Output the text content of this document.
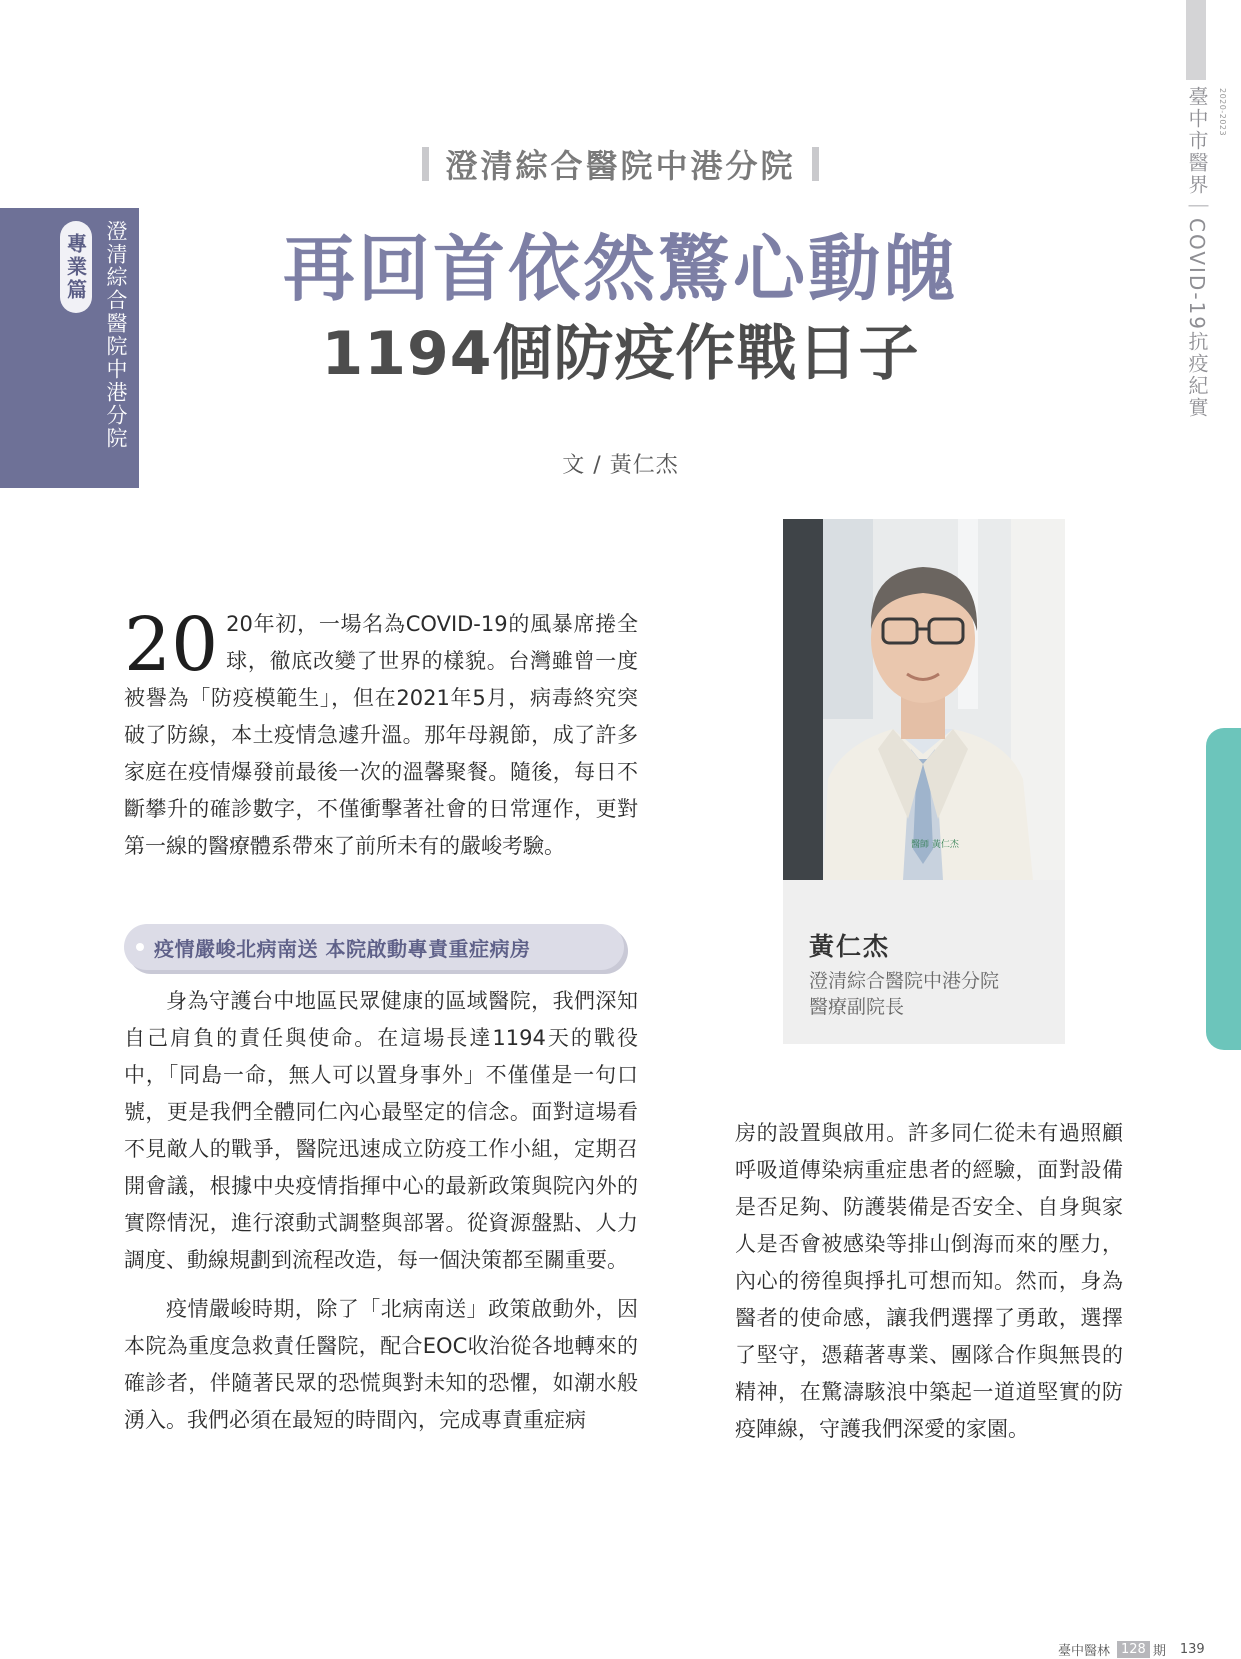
2020-2023
臺中市醫界｜COVID-19抗疫紀實
專業篇 澄清綜合醫院中港分院
澄清綜合醫院中港分院
再回首依然驚心動魄
1194個防疫作戰日子
文 / 黃仁杰

20 20年初，一場名為COVID-19的風暴席捲全球，徹底改變了世界的樣貌。台灣雖曾一度被譽為「防疫模範生」，但在2021年5月，病毒終究突破了防線，本土疫情急遽升溫。那年母親節，成了許多家庭在疫情爆發前最後一次的溫馨聚餐。隨後，每日不斷攀升的確診數字，不僅衝擊著社會的日常運作，更對第一線的醫療體系帶來了前所未有的嚴峻考驗。

疫情嚴峻北病南送 本院啟動專責重症病房

身為守護台中地區民眾健康的區域醫院，我們深知自己肩負的責任與使命。在這場長達1194天的戰役中，「同島一命，無人可以置身事外」不僅僅是一句口號，更是我們全體同仁內心最堅定的信念。面對這場看不見敵人的戰爭，醫院迅速成立防疫工作小組，定期召開會議，根據中央疫情指揮中心的最新政策與院內外的實際情況，進行滾動式調整與部署。從資源盤點、人力調度、動線規劃到流程改造，每一個決策都至關重要。

疫情嚴峻時期，除了「北病南送」政策啟動外，因本院為重度急救責任醫院，配合EOC收治從各地轉來的確診者，伴隨著民眾的恐慌與對未知的恐懼，如潮水般湧入。我們必須在最短的時間內，完成專責重症病

醫師 黃仁杰
黃仁杰
澄清綜合醫院中港分院
醫療副院長

房的設置與啟用。許多同仁從未有過照顧呼吸道傳染病重症患者的經驗，面對設備是否足夠、防護裝備是否安全、自身與家人是否會被感染等排山倒海而來的壓力，內心的徬徨與掙扎可想而知。然而，身為醫者的使命感，讓我們選擇了勇敢，選擇了堅守，憑藉著專業、團隊合作與無畏的精神，在驚濤駭浪中築起一道道堅實的防疫陣線，守護我們深愛的家園。

臺中醫林 128 期 139
